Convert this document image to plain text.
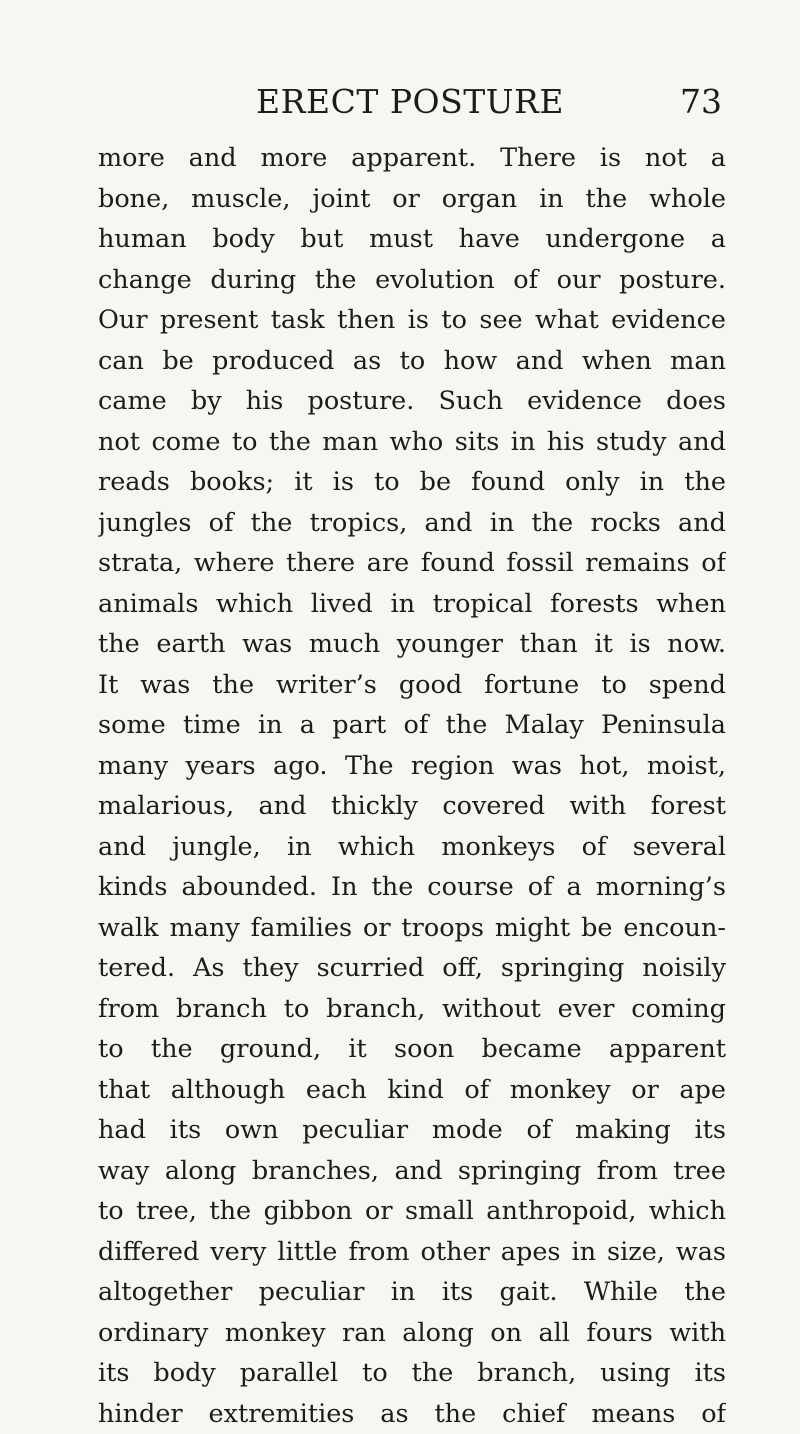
ERECT POSTURE	73
more and more apparent. There is not a
bone, muscle, joint or organ in the whole
human body but must have undergone a
change during the evolution of our posture.
Our present task then is to see what evidence
can be produced as to how and when man
came by his posture. Such evidence does
not come to the man who sits in his study and
reads books; it is to be found only in the
jungles of the tropics, and in the rocks and
strata, where there are found fossil remains of
animals which lived in tropical forests when
the earth was much younger than it is now.
It was the writer’s good fortune to spend
some time in a part of the Malay Peninsula
many years ago. The region was hot, moist,
malarious, and thickly covered with forest
and jungle, in which monkeys of several
kinds abounded. In the course of a morning’s
walk many families or troops might be encoun-
tered. As they scurried off, springing noisily
from branch to branch, without ever coming
to the ground, it soon became apparent
that although each kind of monkey or ape
had its own peculiar mode of making its
way along branches, and springing from tree
to tree, the gibbon or small anthropoid, which
differed very little from other apes in size, was
altogether peculiar in its gait. While the
ordinary monkey ran along on all fours with
its body parallel to the branch, using its
hinder extremities as the chief means of
